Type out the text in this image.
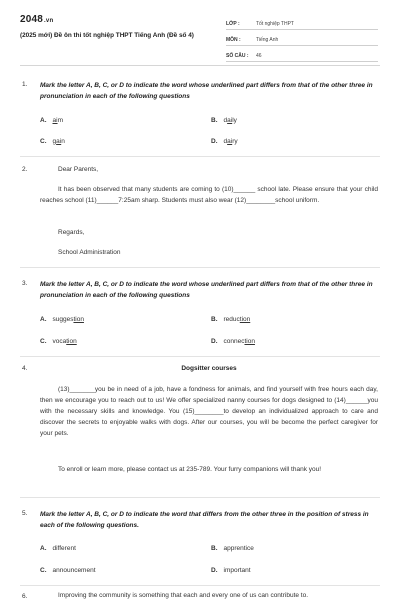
2048.vn
(2025 mới) Đề ôn thi tốt nghiệp THPT Tiếng Anh (Đề số 4)
LỚP :	Tốt nghiệp THPT
MÔN :	Tiếng Anh
SỐ CÂU : 46
1. Mark the letter A, B, C, or D to indicate the word whose underlined part differs from that of the other three in pronunciation in each of the following questions
A. aim	B. daily
C. gain	D. dairy
2.	Dear Parents,
It has been observed that many students are coming to (10)______ school late. Please ensure that your child reaches school (11)______7:25am sharp. Students must also wear (12)________school uniform.
Regards,
School Administration
3. Mark the letter A, B, C, or D to indicate the word whose underlined part differs from that of the other three in pronunciation in each of the following questions
A. suggestion	B. reduction
C. vocation	D. connection
4.	Dogsitter courses
(13)_______you be in need of a job, have a fondness for animals, and find yourself with free hours each day, then we encourage you to reach out to us! We offer specialized nanny courses for dogs designed to (14)______you with the necessary skills and knowledge. You (15)________to develop an individualized approach to care and discover the secrets to enjoyable walks with dogs. After our courses, you will be become the perfect caregiver for your pets.
To enroll or learn more, please contact us at 235-789. Your furry companions will thank you!
5. Mark the letter A, B, C, or D to indicate the word that differs from the other three in the position of stress in each of the following questions.
A. different	B. apprentice
C. announcement	D. important
6.	Improving the community is something that each and every one of us can contribute to.
